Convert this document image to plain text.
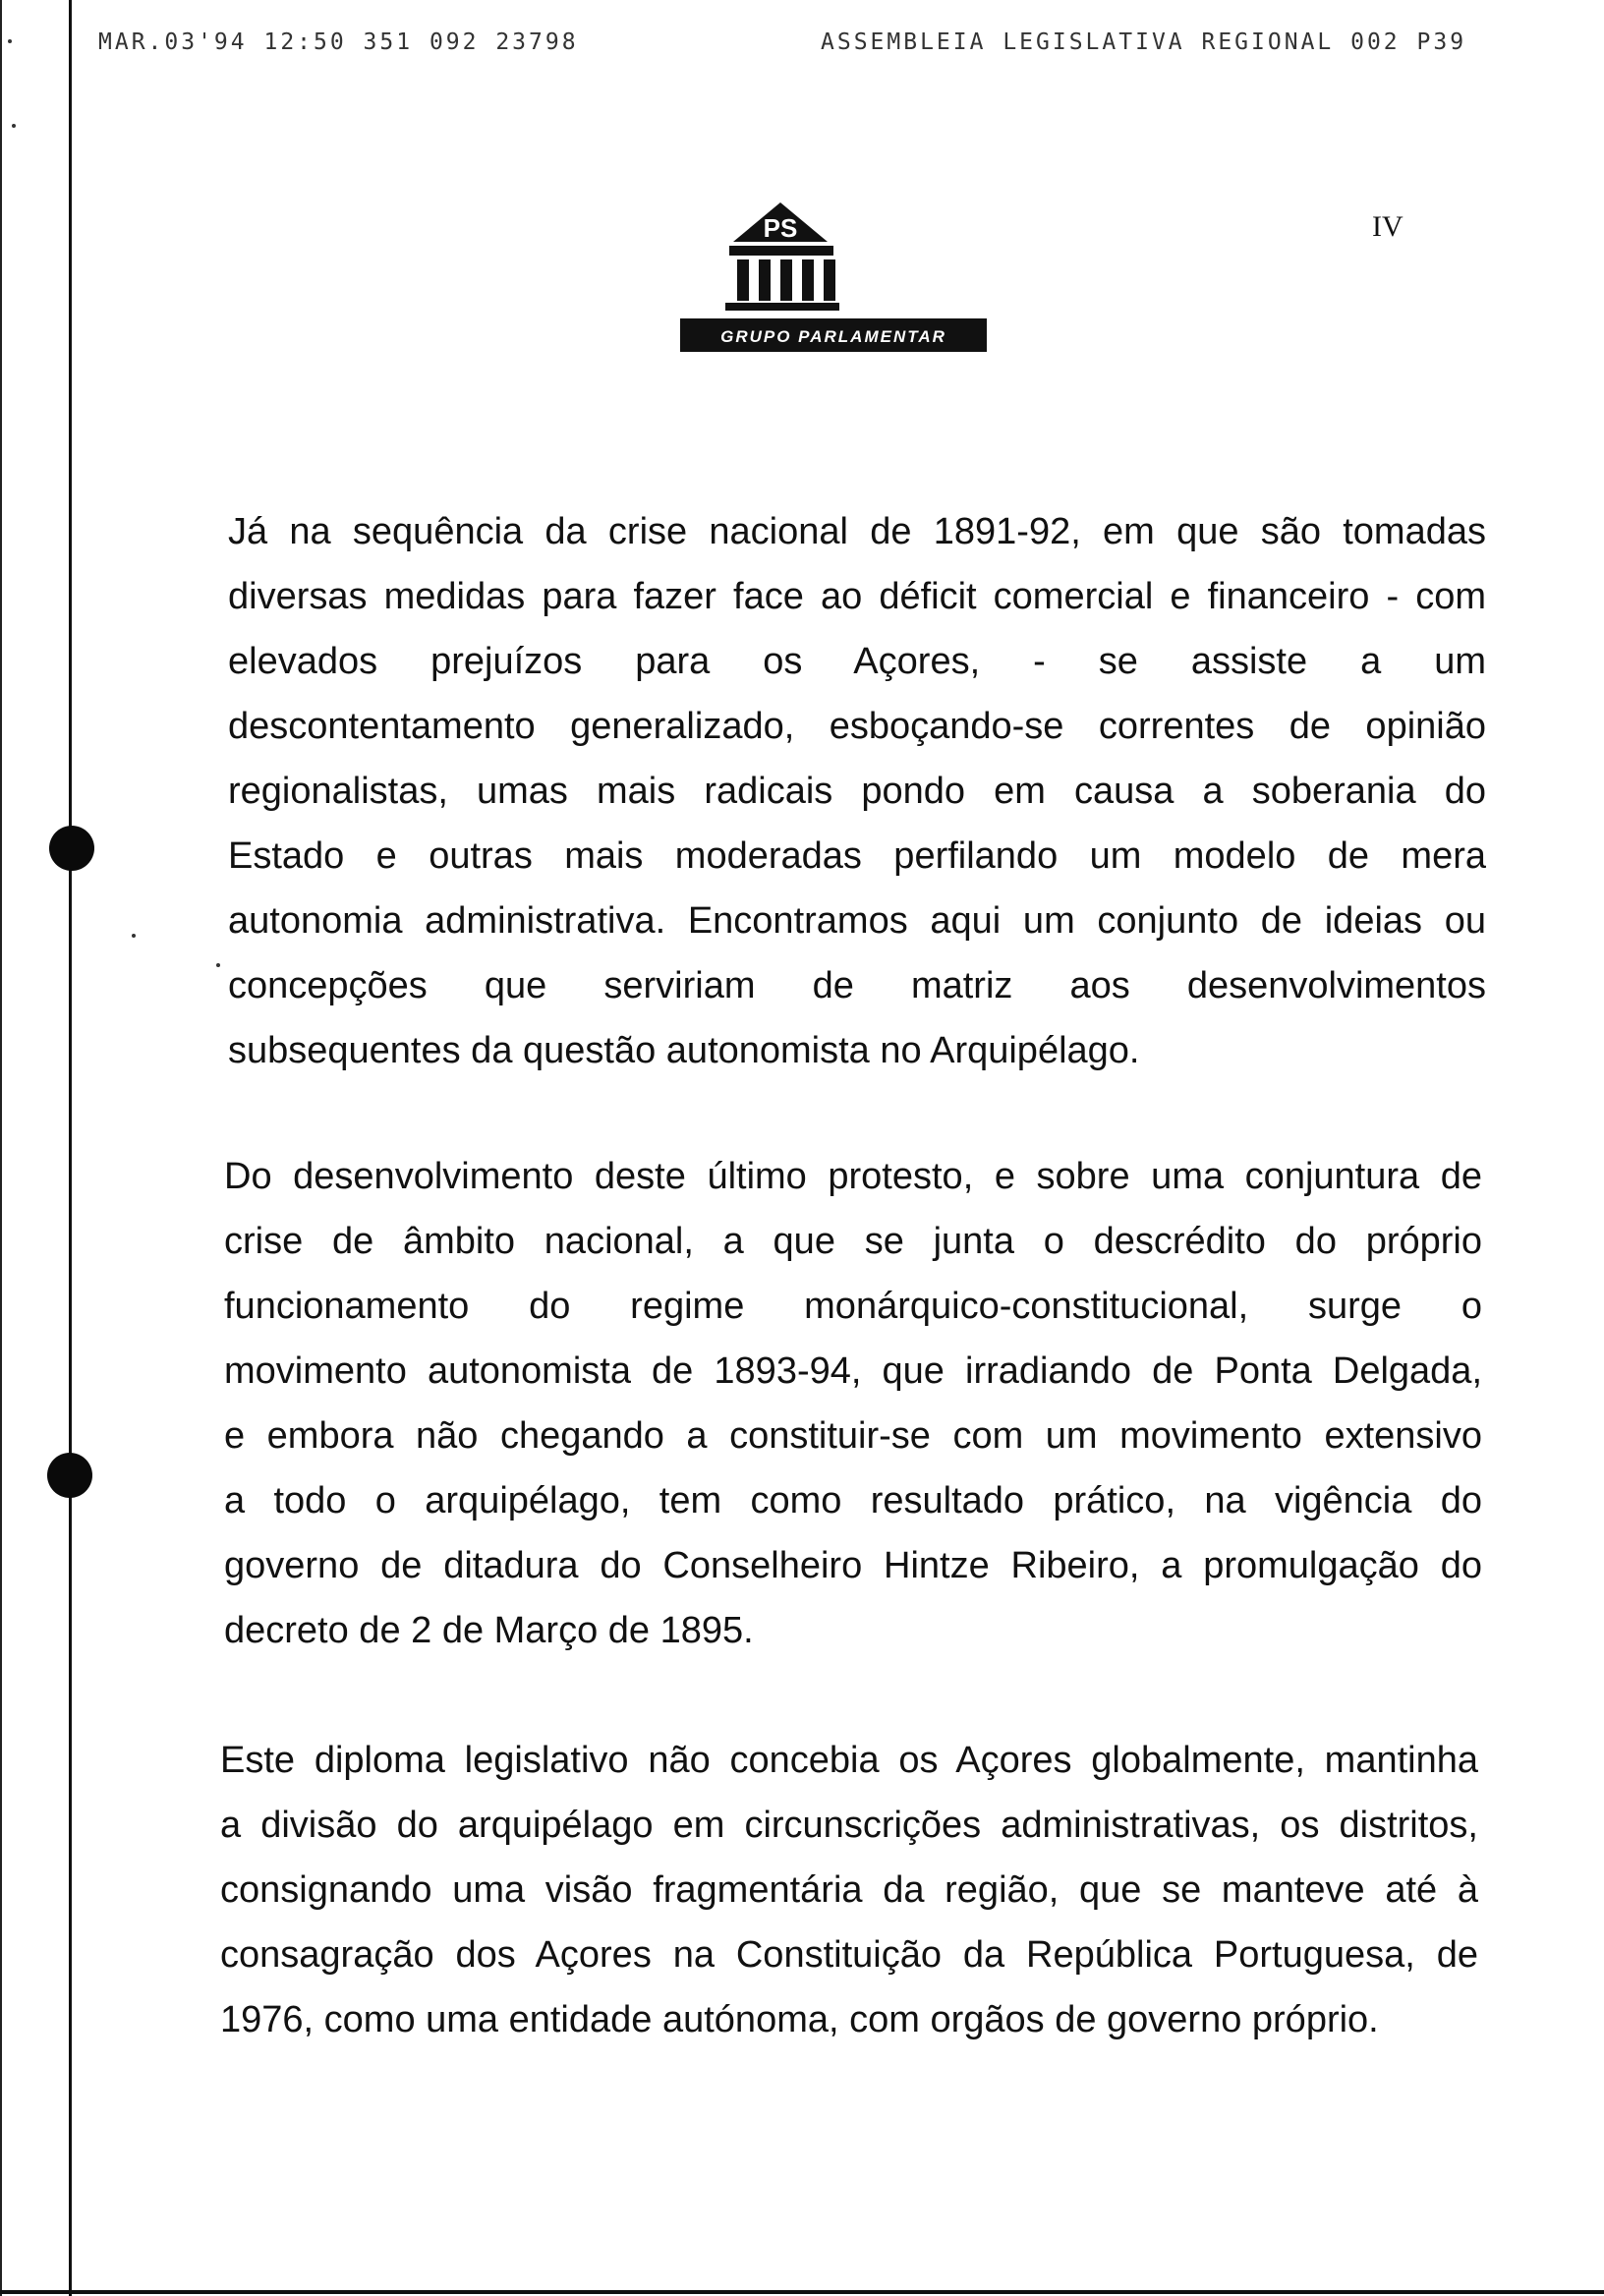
MAR.03'94 12:50 351 092 23798	ASSEMBLEIA LEGISLATIVA REGIONAL 002 P39
PS
GRUPO PARLAMENTAR
IV
Já na sequência da crise nacional de 1891-92, em que são tomadas
diversas medidas para fazer face ao déficit comercial e financeiro - com
elevados prejuízos para os Açores, - se assiste a um
descontentamento generalizado, esboçando-se correntes de opinião
regionalistas, umas mais radicais pondo em causa a soberania do
Estado e outras mais moderadas perfilando um modelo de mera
autonomia administrativa. Encontramos aqui um conjunto de ideias ou
concepções que serviriam de matriz aos desenvolvimentos
subsequentes da questão autonomista no Arquipélago.
Do desenvolvimento deste último protesto, e sobre uma conjuntura de
crise de âmbito nacional, a que se junta o descrédito do próprio
funcionamento do regime monárquico-constitucional, surge o
movimento autonomista de 1893-94, que irradiando de Ponta Delgada,
e embora não chegando a constituir-se com um movimento extensivo
a todo o arquipélago, tem como resultado prático, na vigência do
governo de ditadura do Conselheiro Hintze Ribeiro, a promulgação do
decreto de 2 de Março de 1895.
Este diploma legislativo não concebia os Açores globalmente, mantinha
a divisão do arquipélago em circunscrições administrativas, os distritos,
consignando uma visão fragmentária da região, que se manteve até à
consagração dos Açores na Constituição da República Portuguesa, de
1976, como uma entidade autónoma, com orgãos de governo próprio.
